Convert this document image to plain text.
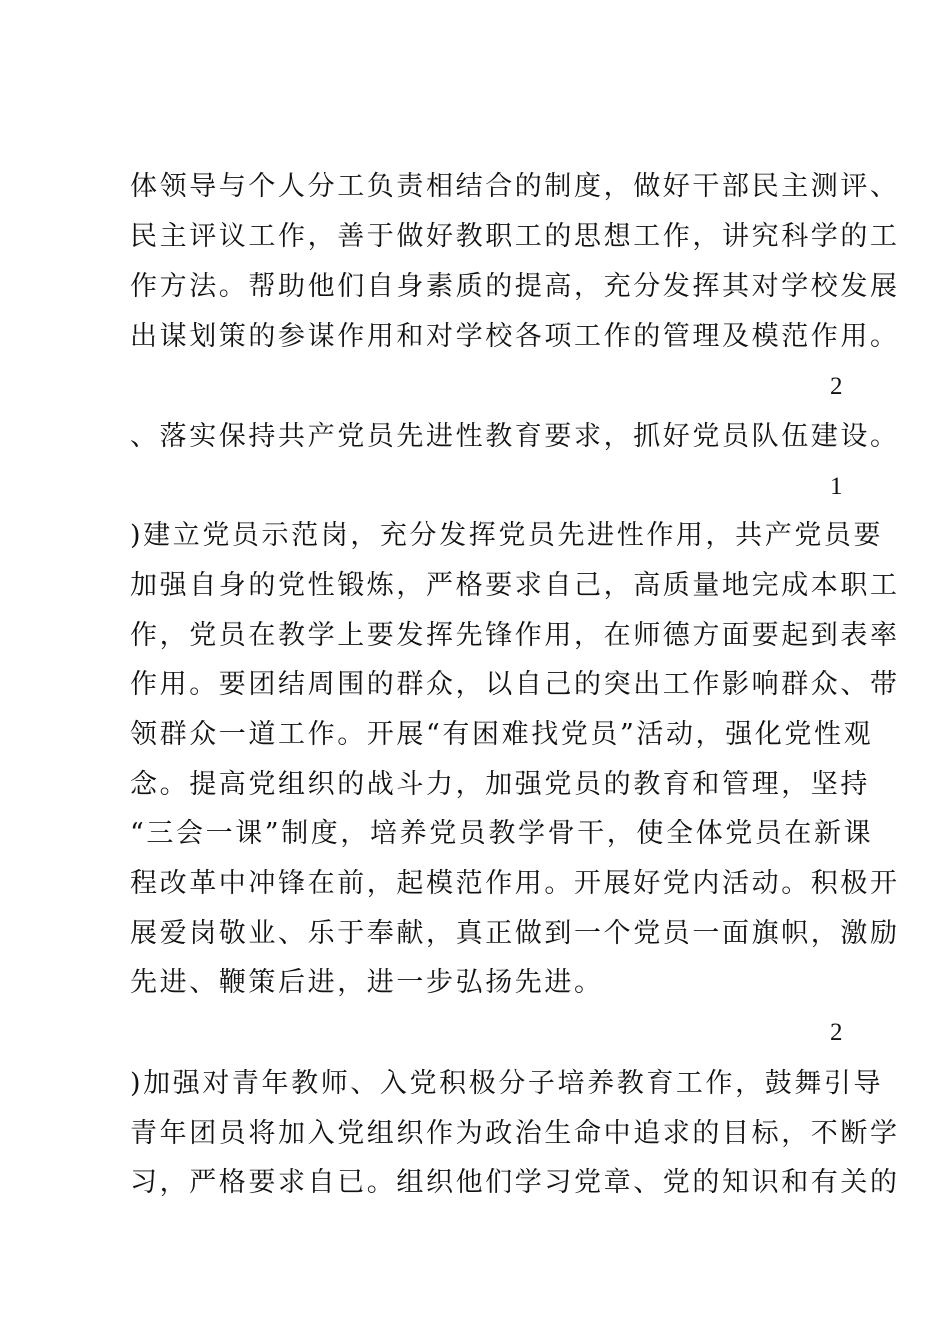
体领导与个人分工负责相结合的制度，做好干部民主测评、
民主评议工作，善于做好教职工的思想工作，讲究科学的工
作方法。帮助他们自身素质的提高，充分发挥其对学校发展
出谋划策的参谋作用和对学校各项工作的管理及模范作用。
2
、落实保持共产党员先进性教育要求，抓好党员队伍建设。
1
)建立党员示范岗，充分发挥党员先进性作用，共产党员要
加强自身的党性锻炼，严格要求自己，高质量地完成本职工
作，党员在教学上要发挥先锋作用，在师德方面要起到表率
作用。要团结周围的群众，以自己的突出工作影响群众、带
领群众一道工作。开展“有困难找党员”活动，强化党性观
念。提高党组织的战斗力，加强党员的教育和管理，坚持
“三会一课”制度，培养党员教学骨干，使全体党员在新课
程改革中冲锋在前，起模范作用。开展好党内活动。积极开
展爱岗敬业、乐于奉献，真正做到一个党员一面旗帜，激励
先进、鞭策后进，进一步弘扬先进。
2
)加强对青年教师、入党积极分子培养教育工作，鼓舞引导
青年团员将加入党组织作为政治生命中追求的目标，不断学
习，严格要求自已。组织他们学习党章、党的知识和有关的
